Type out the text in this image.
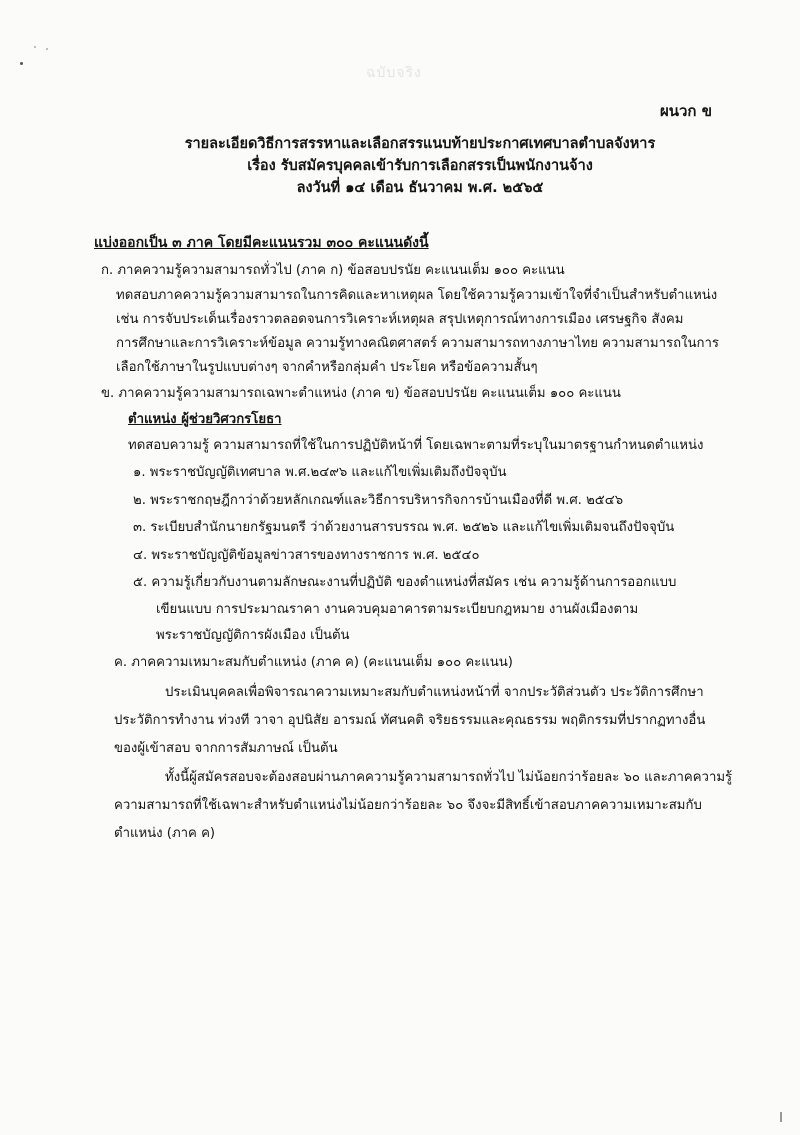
ฉบับจริง
ผนวก ข
รายละเอียดวิธีการสรรหาและเลือกสรรแนบท้ายประกาศเทศบาลตำบลจังหาร
เรื่อง รับสมัครบุคคลเข้ารับการเลือกสรรเป็นพนักงานจ้าง
ลงวันที่ ๑๔ เดือน ธันวาคม พ.ศ. ๒๕๖๕
แบ่งออกเป็น ๓ ภาค โดยมีคะแนนรวม ๓๐๐ คะแนนดังนี้
ก. ภาคความรู้ความสามารถทั่วไป (ภาค ก) ข้อสอบปรนัย คะแนนเต็ม ๑๐๐ คะแนน
ทดสอบภาคความรู้ความสามารถในการคิดและหาเหตุผล โดยใช้ความรู้ความเข้าใจที่จำเป็นสำหรับตำแหน่ง
เช่น การจับประเด็นเรื่องราวตลอดจนการวิเคราะห์เหตุผล สรุปเหตุการณ์ทางการเมือง เศรษฐกิจ สังคม
การศึกษาและการวิเคราะห์ข้อมูล ความรู้ทางคณิตศาสตร์ ความสามารถทางภาษาไทย ความสามารถในการ
เลือกใช้ภาษาในรูปแบบต่างๆ จากคำหรือกลุ่มคำ ประโยค หรือข้อความสั้นๆ
ข. ภาคความรู้ความสามารถเฉพาะตำแหน่ง (ภาค ข) ข้อสอบปรนัย คะแนนเต็ม ๑๐๐ คะแนน
ตำแหน่ง ผู้ช่วยวิศวกรโยธา
ทดสอบความรู้ ความสามารถที่ใช้ในการปฏิบัติหน้าที่ โดยเฉพาะตามที่ระบุในมาตรฐานกำหนดตำแหน่ง
๑. พระราชบัญญัติเทศบาล พ.ศ.๒๔๙๖ และแก้ไขเพิ่มเติมถึงปัจจุบัน
๒. พระราชกฤษฎีกาว่าด้วยหลักเกณฑ์และวิธีการบริหารกิจการบ้านเมืองที่ดี พ.ศ. ๒๕๔๖
๓. ระเบียบสำนักนายกรัฐมนตรี ว่าด้วยงานสารบรรณ พ.ศ. ๒๕๒๖ และแก้ไขเพิ่มเติมจนถึงปัจจุบัน
๔. พระราชบัญญัติข้อมูลข่าวสารของทางราชการ พ.ศ. ๒๕๔๐
๕. ความรู้เกี่ยวกับงานตามลักษณะงานที่ปฏิบัติ ของตำแหน่งที่สมัคร เช่น ความรู้ด้านการออกแบบ
เขียนแบบ การประมาณราคา งานควบคุมอาคารตามระเบียบกฎหมาย งานผังเมืองตาม
พระราชบัญญัติการผังเมือง เป็นต้น
ค. ภาคความเหมาะสมกับตำแหน่ง (ภาค ค) (คะแนนเต็ม ๑๐๐ คะแนน)
ประเมินบุคคลเพื่อพิจารณาความเหมาะสมกับตำแหน่งหน้าที่ จากประวัติส่วนตัว ประวัติการศึกษา
ประวัติการทำงาน ท่วงที วาจา อุปนิสัย อารมณ์ ทัศนคติ จริยธรรมและคุณธรรม พฤติกรรมที่ปรากฏทางอื่น
ของผู้เข้าสอบ จากการสัมภาษณ์ เป็นต้น
ทั้งนี้ผู้สมัครสอบจะต้องสอบผ่านภาคความรู้ความสามารถทั่วไป ไม่น้อยกว่าร้อยละ ๖๐ และภาคความรู้
ความสามารถที่ใช้เฉพาะสำหรับตำแหน่งไม่น้อยกว่าร้อยละ ๖๐ จึงจะมีสิทธิ์เข้าสอบภาคความเหมาะสมกับ
ตำแหน่ง (ภาค ค)
